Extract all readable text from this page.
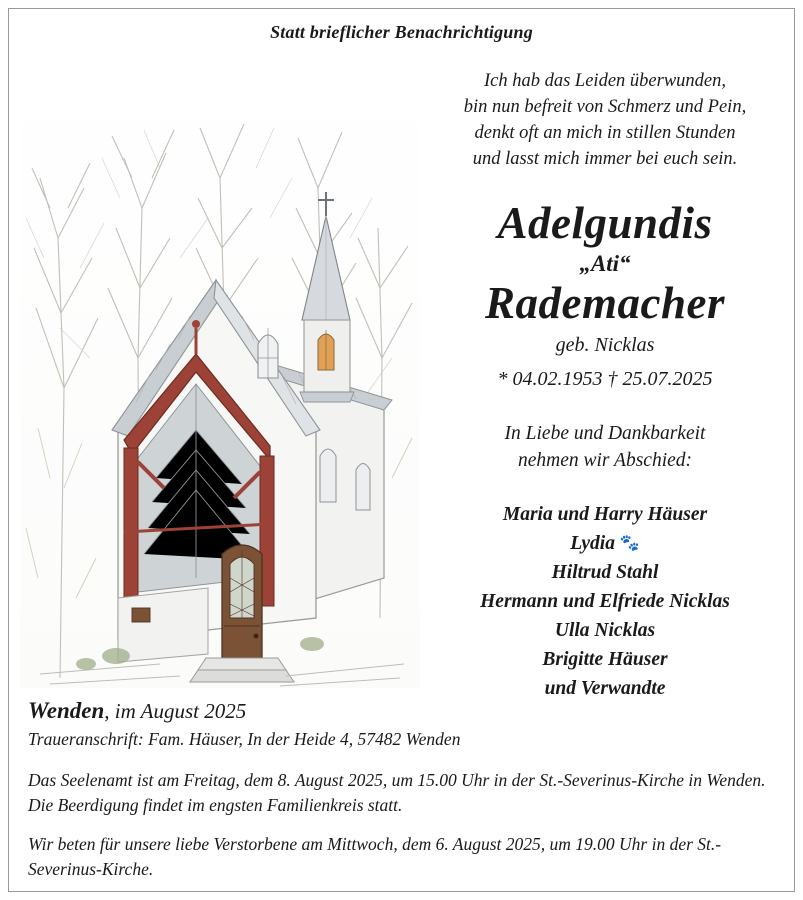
Statt brieflicher Benachrichtigung
Ich hab das Leiden überwunden,
bin nun befreit von Schmerz und Pein,
denkt oft an mich in stillen Stunden
und lasst mich immer bei euch sein.
Adelgundis
„Ati“
Rademacher
geb. Nicklas
* 04.02.1953 † 25.07.2025
In Liebe und Dankbarkeit
nehmen wir Abschied:
Maria und Harry Häuser
Lydia 🐾
Hiltrud Stahl
Hermann und Elfriede Nicklas
Ulla Nicklas
Brigitte Häuser
und Verwandte
Wenden, im August 2025
Traueranschrift: Fam. Häuser, In der Heide 4, 57482 Wenden

Das Seelenamt ist am Freitag, dem 8. August 2025, um 15.00 Uhr in der St.-Severinus-Kirche in Wenden. Die Beerdigung findet im engsten Familienkreis statt.

Wir beten für unsere liebe Verstorbene am Mittwoch, dem 6. August 2025, um 19.00 Uhr in der St.-Severinus-Kirche.
